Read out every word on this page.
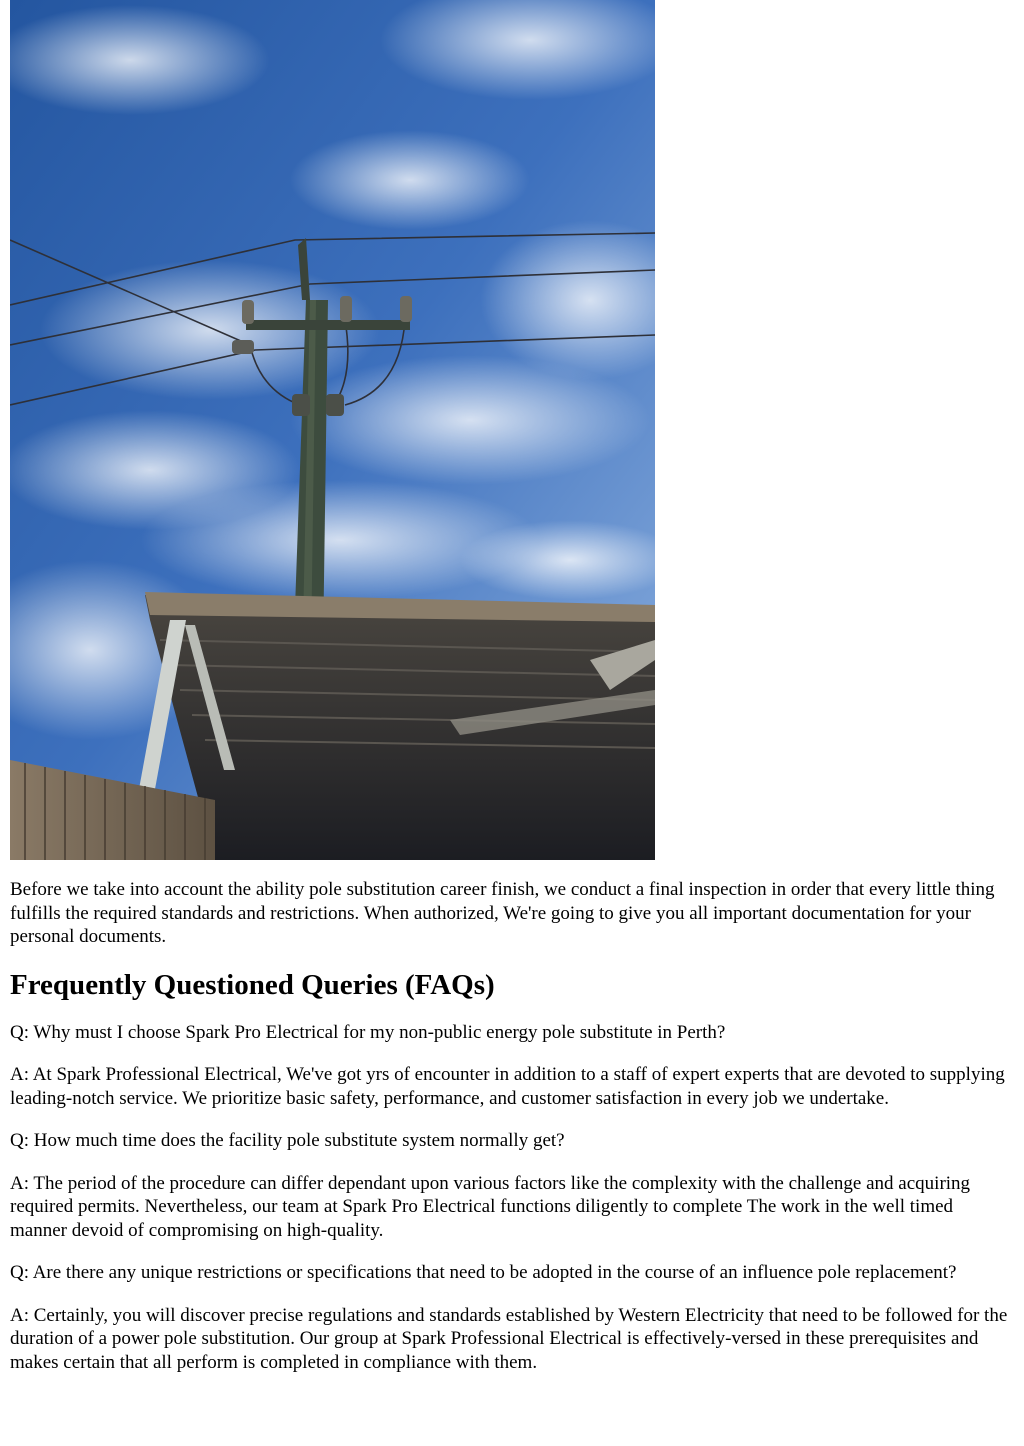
Before we take into account the ability pole substitution career finish, we conduct a final inspection in order that every little thing fulfills the required standards and restrictions. When authorized, We're going to give you all important documentation for your personal documents.

Frequently Questioned Queries (FAQs)

Q: Why must I choose Spark Pro Electrical for my non-public energy pole substitute in Perth?

A: At Spark Professional Electrical, We've got yrs of encounter in addition to a staff of expert experts that are devoted to supplying leading-notch service. We prioritize basic safety, performance, and customer satisfaction in every job we undertake.

Q: How much time does the facility pole substitute system normally get?

A: The period of the procedure can differ dependant upon various factors like the complexity with the challenge and acquiring required permits. Nevertheless, our team at Spark Pro Electrical functions diligently to complete The work in the well timed manner devoid of compromising on high-quality.

Q: Are there any unique restrictions or specifications that need to be adopted in the course of an influence pole replacement?

A: Certainly, you will discover precise regulations and standards established by Western Electricity that need to be followed for the duration of a power pole substitution. Our group at Spark Professional Electrical is effectively-versed in these prerequisites and makes certain that all perform is completed in compliance with them.
